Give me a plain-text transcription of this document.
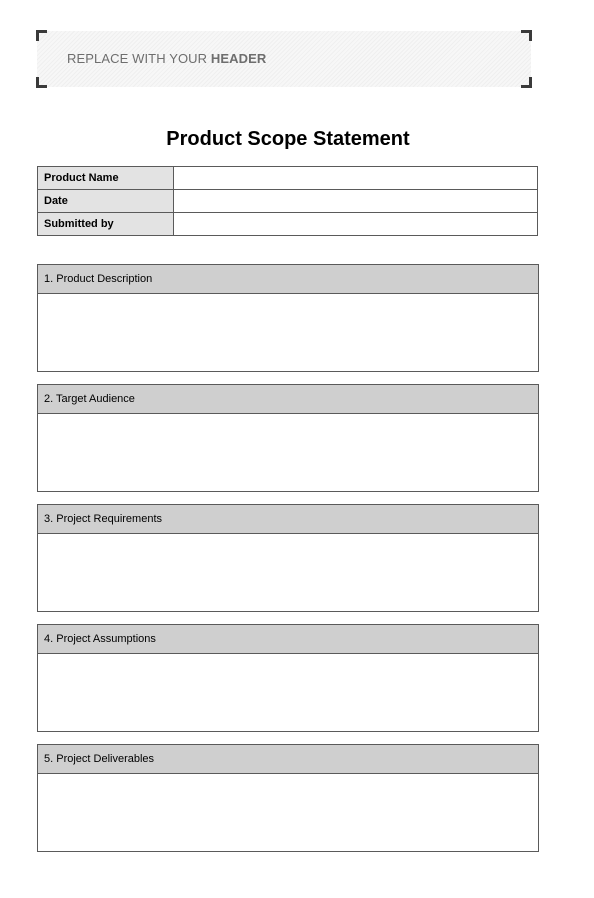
REPLACE WITH YOUR HEADER
Product Scope Statement
Product Name	
Date	
Submitted by	
1. Product Description
2. Target Audience
3. Project Requirements
4. Project Assumptions
5. Project Deliverables
